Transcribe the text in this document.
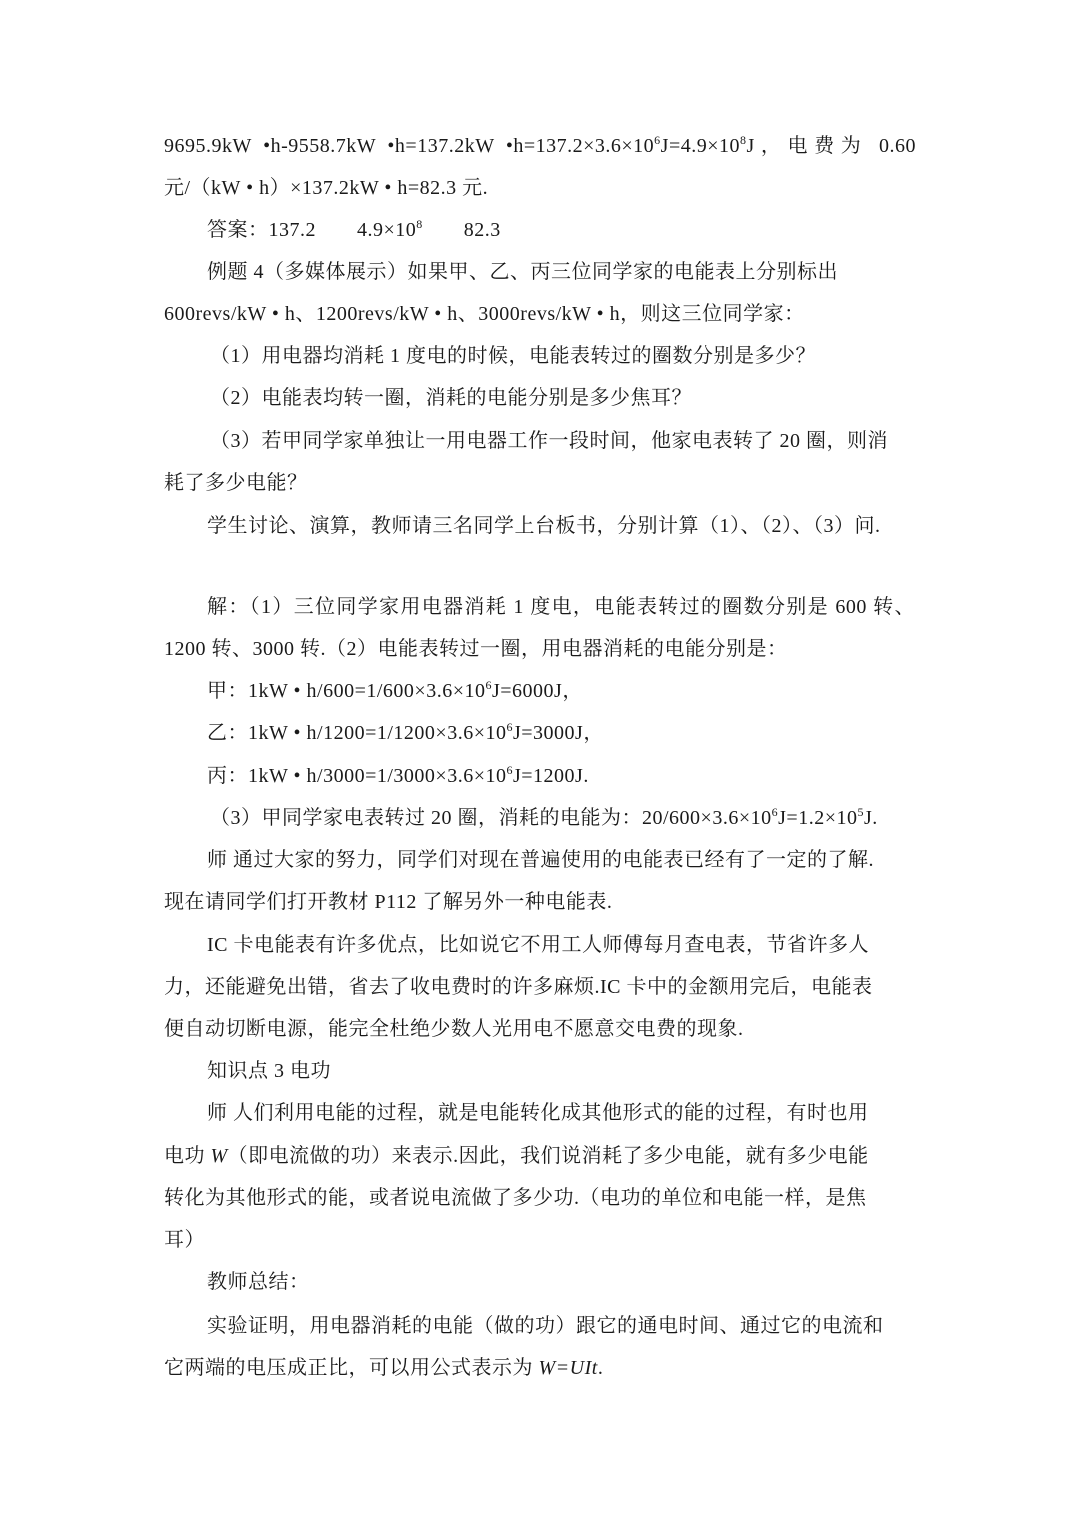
9695.9kW •h-9558.7kW •h=137.2kW $•h=137.2\times 3.6\times 10^6J=4.9\times 10^8J$，电费为 0.60
元/（kW • h）×137.2kW • h=82.3 元.
答案：137.2　　$4.9\times 10^8$　　82.3
例题 4（多媒体展示）如果甲、乙、丙三位同学家的电能表上分别标出
600revs/kW • h、1200revs/kW • h、3000revs/kW • h，则这三位同学家：
（1）用电器均消耗 1 度电的时候，电能表转过的圈数分别是多少？
（2）电能表均转一圈，消耗的电能分别是多少焦耳？
（3）若甲同学家单独让一用电器工作一段时间，他家电表转了 20 圈，则消
耗了多少电能？
学生讨论、演算，教师请三名同学上台板书，分别计算（1）、（2）、（3）问.
解：（1）三位同学家用电器消耗 1 度电，电能表转过的圈数分别是 600 转、
1200 转、3000 转.（2）电能表转过一圈，用电器消耗的电能分别是：
甲：1kW • $h/600=1/600\times 3.6\times 10^6J=6000J$，
乙：1kW • $h/1200=1/1200\times 3.6\times 10^6J=3000J$，
丙：1kW • $h/3000=1/3000\times 3.6\times 10^6J=1200J$.
（3）甲同学家电表转过 20 圈，消耗的电能为：$20/600\times 3.6\times 10^6J=1.2\times 10^5J$.
师 通过大家的努力，同学们对现在普遍使用的电能表已经有了一定的了解.
现在请同学们打开教材 P112 了解另外一种电能表.
IC 卡电能表有许多优点，比如说它不用工人师傅每月查电表，节省许多人
力，还能避免出错，省去了收电费时的许多麻烦.IC 卡中的金额用完后，电能表
便自动切断电源，能完全杜绝少数人光用电不愿意交电费的现象.
知识点 3 电功
师 人们利用电能的过程，就是电能转化成其他形式的能的过程，有时也用
电功 W（即电流做的功）来表示.因此，我们说消耗了多少电能，就有多少电能
转化为其他形式的能，或者说电流做了多少功.（电功的单位和电能一样，是焦
耳）
教师总结：
实验证明，用电器消耗的电能（做的功）跟它的通电时间、通过它的电流和
它两端的电压成正比，可以用公式表示为 W=UIt.
